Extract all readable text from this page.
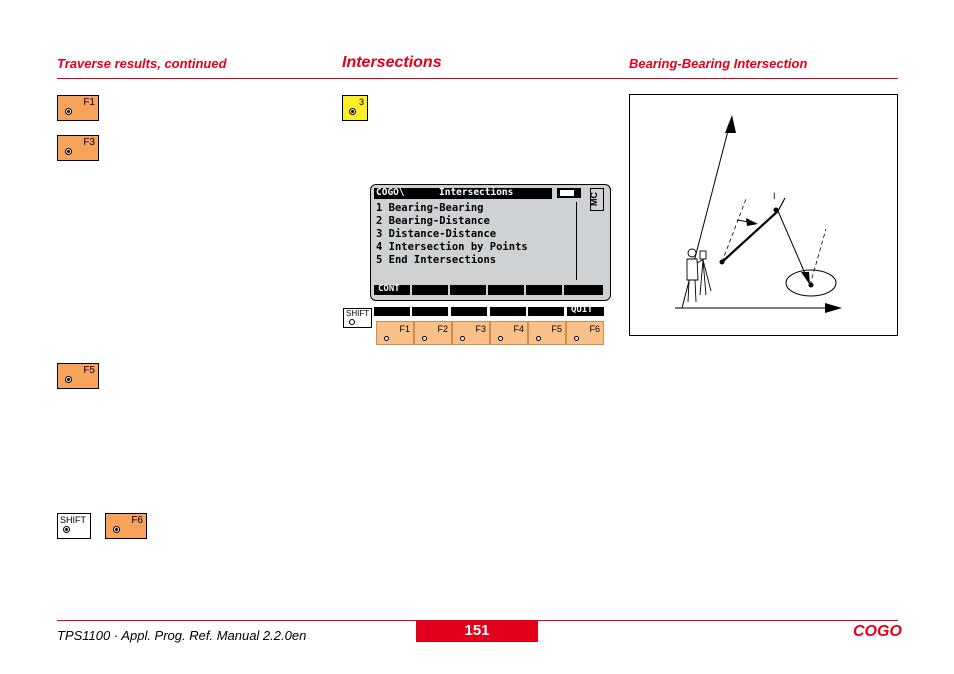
Traverse results, continued	Intersections	Bearing-Bearing Intersection
F1
F3
F5
SHIFT	F6
3
COGO\	Intersections	MC
1 Bearing-Bearing
2 Bearing-Distance
3 Distance-Distance
4 Intersection by Points
5 End Intersections
CONT
SHIFT	QUIT
F1	F2	F3	F4	F5	F6
I
TPS1100 · Appl. Prog. Ref. Manual 2.2.0en	151	COGO
